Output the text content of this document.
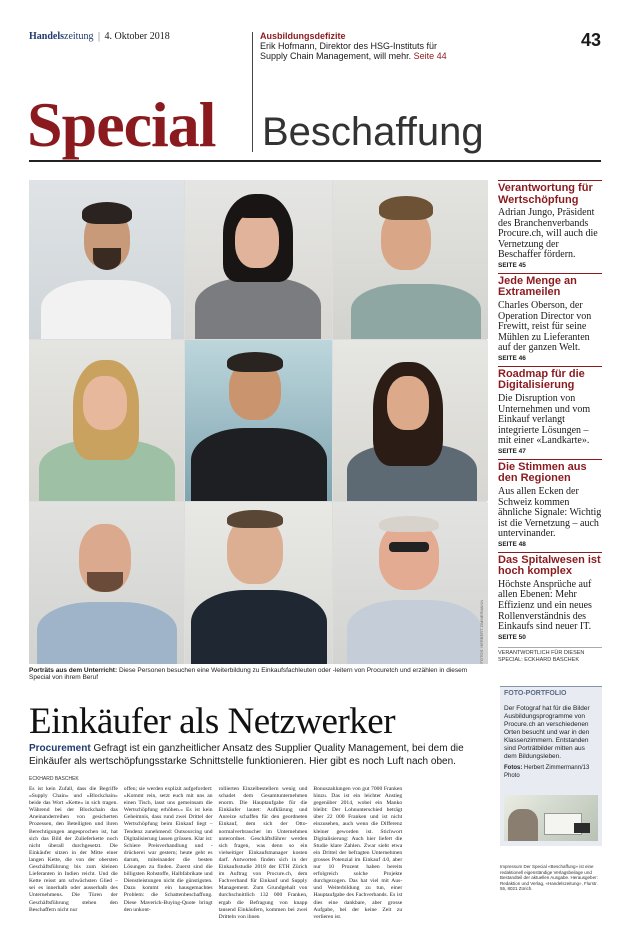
Handelszeitung | 4. Oktober 2018	Ausbildungsdefizite
Erik Hofmann, Direktor des HSG-Instituts für Supply Chain Management, will mehr. Seite 44
43
Special Beschaffung
FOTOS: HERBERT ZIMMERMANN
Porträts aus dem Unterricht: Diese Personen besuchen eine Weiterbildung zu Einkaufsfachleuten oder -leitern von Procuretch und erzählen in diesem Special von ihrem Beruf
Verantwortung für Wertschöpfung
Adrian Jungo, Präsident des Branchenverbands Procure.ch, will auch die Vernetzung der Beschaffer fördern.
SEITE 45
Jede Menge an Extrameilen
Charles Oberson, der Operation Director von Frewitt, reist für seine Mühlen zu Lieferanten auf der ganzen Welt.
SEITE 46
Roadmap für die Digitalisierung
Die Disruption von Unternehmen und vom Einkauf verlangt integrierte Lösungen – mit einer «Landkarte».
SEITE 47
Die Stimmen aus den Regionen
Aus allen Ecken der Schweiz kommen ähnliche Signale: Wichtig ist die Vernetzung – auch untervinander.
SEITE 48
Das Spitalwesen ist hoch komplex
Höchste Ansprüche auf allen Ebenen: Mehr Effizienz und ein neues Rollenverständnis des Einkaufs sind neuer IT.
SEITE 50
VERANTWORTLICH FÜR DIESEN SPECIAL: ECKHARD BASCHEK
FOTO-PORTFOLIO
Der Fotograf hat für die Bilder Ausbildungsprogramme von Procure.ch an verschiedenen Orten besucht und war in den Klassenzimmern. Entstanden sind Porträtbilder mitten aus dem Bildungsleben.
Fotos: Herbert Zimmermann/13 Photo
Impressum Der Special «Beschaffung» ist eine redaktionell eigenständige Verlagsbeilage und Bestandteil der aktuellen Ausgabe. Herausgeber: Redaktion und Verlag, «Handelszeitung», Flurstr. 55, 8021 Zürich.
Einkäufer als Netzwerker
Procurement Gefragt ist ein ganzheitlicher Ansatz des Supplier Quality Management, bei dem die Einkäufer als wertschöpfungsstarke Schnittstelle funktionieren. Hier gibt es noch Luft nach oben.
ECKHARD BASCHEK
Es ist kein Zufall, dass die Begriffe «Supply Chain» und «Blockchain» beide das Wort «Kette» in sich tragen. Während bei der Blockchain das Aneinanderreihen von gesicherten Prozessen, den Beteiligten und ihren Berechtigungen angesprochen ist, hat sich das Bild der Zulieferkette noch nicht überall durchgesetzt. Die Einkäufer sitzen in der Mitte einer langen Kette, die von der obersten Geschäftsführung bis zum kleinen Lieferanten in Indien reicht. Und die Kette reisst am schwächsten Glied – sei es innerhalb oder ausserhalb des Unternehmens. Die Türen der Geschäftsführung stehen den Beschaffern nicht nur
offen; sie werden explizit aufgefordert: «Kommt rein, setzt euch mit uns an einen Tisch, lasst uns gemeinsam die Wertschöpfung erhöhen.» Es ist kein Geheimnis, dass rund zwei Drittel der Wertschöpfung beim Einkauf liegt – Tendenz zunehmend: Outsourcing und Digitalisierung lassen grüssen. Klar ist: Schiere Preisverhandlung und -drückerei war gestern; heute geht es darum, miteinander die besten Lösungen zu finden. Zuerst sind die billigsten Rohstoffe, Halbfabrikate und Dienstleistungen nicht die günstigsten. Dazu kommt ein hausgemachtes Problem: die Schattenbeschaffung. Diese Maverick-Buying-Quote bringt den unkont-
rollierten Einzelbestellern wenig und schadet dem Gesamtunternehmen enorm. Die Hauptaufgabe für die Einkäufer lautet: Aufklärung und Anreize schaffen für den geordneten Einkauf, dem sich der Otto-normalverbraucher im Unternehmen unterordnet. Geschäftsführer werden sich fragen, was denn so ein vielseitiger Einkaufsmanager kosten darf. Antworten finden sich in der Einkaufsstudie 2018 der ETH Zürich im Auftrag von Procure.ch, dem Fachverband für Einkauf und Supply Management. Zum Grundgehalt von durchschnittlich 132 000 Franken, ergab die Befragung von knapp tausend Einkäufern, kommen bei zwei Dritteln von ihnen
Bonuszahlungen von gut 7000 Franken hinzu. Das ist ein leichter Anstieg gegenüber 2014, wobei ein Manko bleibt: Der Lohnunterschied beträgt über 22 000 Franken und ist nicht einzusehen, auch wenn die Differenz kleiner geworden ist. Stichwort Digitalisierung: Auch hier liefert die Studie klare Zahlen. Zwar sieht etwa ein Drittel der befragten Unternehmen grosses Potenzial im Einkauf 4.0, aber nur 10 Prozent haben bereits erfolgreich solche Projekte durchgezogen. Das hat viel mit Aus- und Weiterbildung zu tun, einer Hauptaufgabe des Fachverbands. Es ist dies eine dankbare, aber grosse Aufgabe, bei der keine Zeit zu verlieren ist.
